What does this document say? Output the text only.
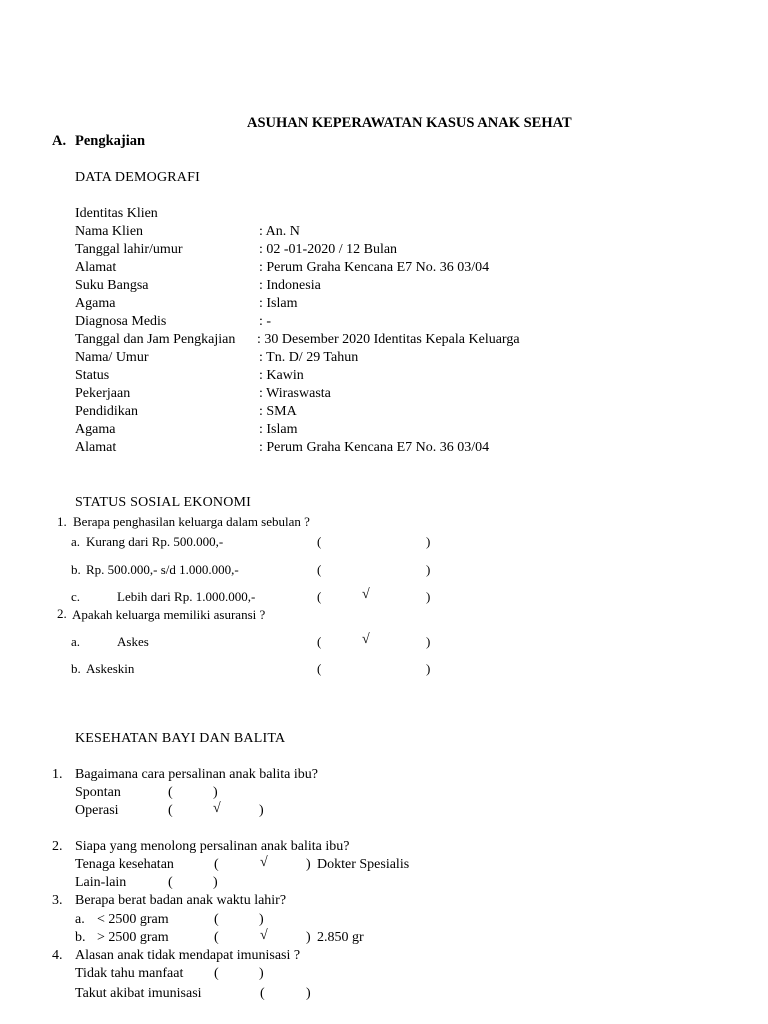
ASUHAN KEPERAWATAN KASUS ANAK SEHAT
A. Pengkajian
DATA DEMOGRAFI
Identitas Klien
Nama Klien	: An. N
Tanggal lahir/umur	: 02 -01-2020 / 12 Bulan
Alamat	: Perum Graha Kencana E7 No. 36 03/04
Suku Bangsa	: Indonesia
Agama	: Islam
Diagnosa Medis	: -
Tanggal dan Jam Pengkajian : 30 Desember 2020 Identitas Kepala Keluarga
Nama/ Umur	: Tn. D/ 29 Tahun
Status	: Kawin
Pekerjaan	: Wiraswasta
Pendidikan	: SMA
Agama	: Islam
Alamat	: Perum Graha Kencana E7 No. 36 03/04
STATUS SOSIAL EKONOMI
1. Berapa penghasilan keluarga dalam sebulan ?
a. Kurang dari Rp. 500.000,-	(	)
b. Rp. 500.000,- s/d 1.000.000,-	(	)
c.	Lebih dari Rp. 1.000.000,-	(	√	)
2. Apakah keluarga memiliki asuransi ?
a.	Askes	(	√	)
b. Askeskin	(	)
KESEHATAN BAYI DAN BALITA
1. Bagaimana cara persalinan anak balita ibu?
Spontan	(	)
Operasi	(	√	)
2. Siapa yang menolong persalinan anak balita ibu?
Tenaga kesehatan	(	√	) Dokter Spesialis
Lain-lain	(	)
3. Berapa berat badan anak waktu lahir?
a. < 2500 gram	(	)
b. > 2500 gram	(	√	) 2.850 gr
4. Alasan anak tidak mendapat imunisasi ?
Tidak tahu manfaat (	)
Takut akibat imunisasi	(	)
